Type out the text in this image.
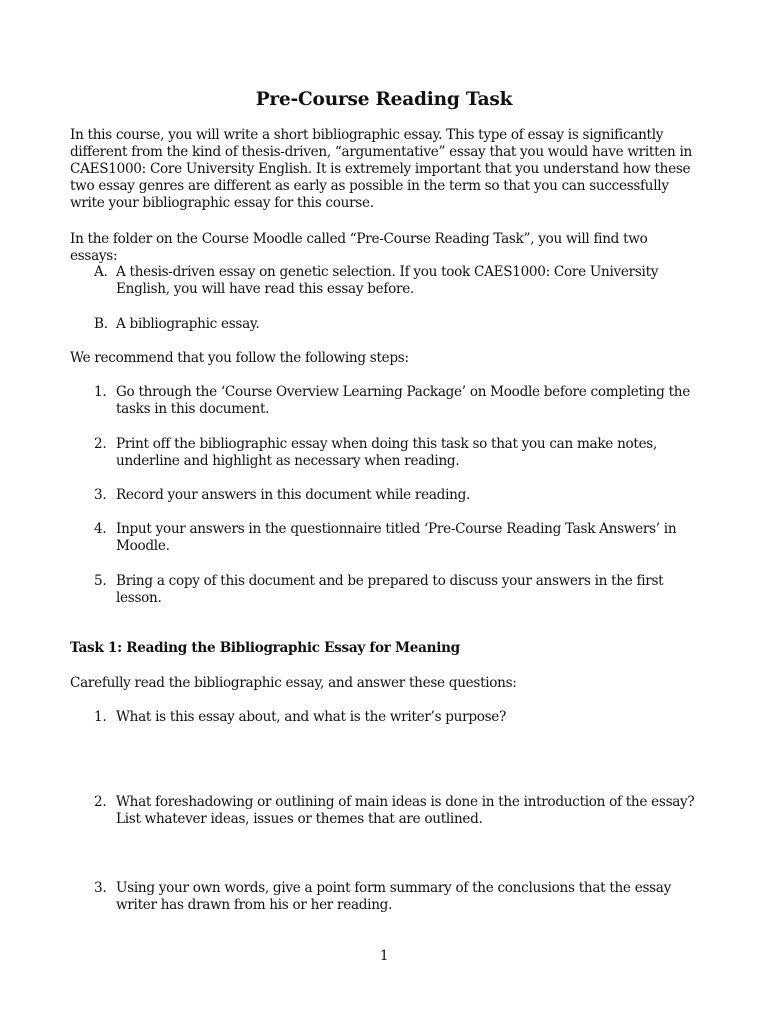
Pre-Course Reading Task

In this course, you will write a short bibliographic essay. This type of essay is significantly different from the kind of thesis-driven, “argumentative” essay that you would have written in CAES1000: Core University English. It is extremely important that you understand how these two essay genres are different as early as possible in the term so that you can successfully write your bibliographic essay for this course.

In the folder on the Course Moodle called “Pre-Course Reading Task”, you will find two essays:

A. A thesis-driven essay on genetic selection. If you took CAES1000: Core University English, you will have read this essay before.
B. A bibliographic essay.

We recommend that you follow the following steps:

1. Go through the ‘Course Overview Learning Package’ on Moodle before completing the tasks in this document.
2. Print off the bibliographic essay when doing this task so that you can make notes, underline and highlight as necessary when reading.
3. Record your answers in this document while reading.
4. Input your answers in the questionnaire titled ‘Pre-Course Reading Task Answers’ in Moodle.
5. Bring a copy of this document and be prepared to discuss your answers in the first lesson.

Task 1: Reading the Bibliographic Essay for Meaning

Carefully read the bibliographic essay, and answer these questions:

1. What is this essay about, and what is the writer’s purpose?
2. What foreshadowing or outlining of main ideas is done in the introduction of the essay? List whatever ideas, issues or themes that are outlined.
3. Using your own words, give a point form summary of the conclusions that the essay writer has drawn from his or her reading.
1
